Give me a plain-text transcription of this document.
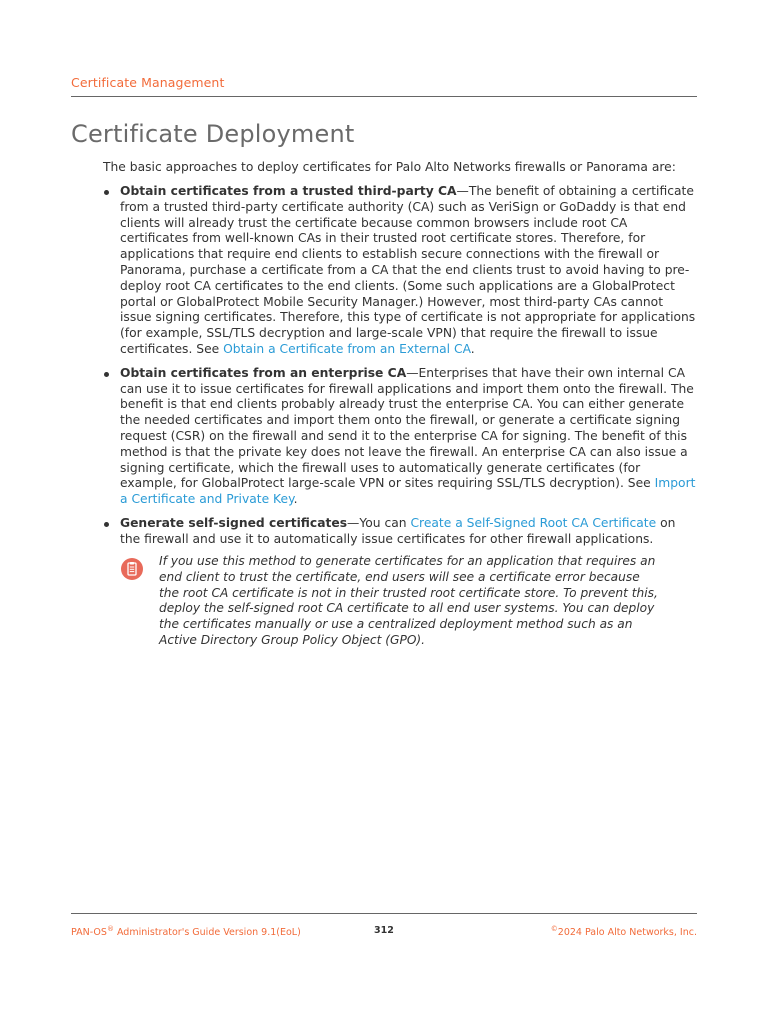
Certificate Management
Certificate Deployment

The basic approaches to deploy certificates for Palo Alto Networks firewalls or Panorama are:

Obtain certificates from a trusted third-party CA—The benefit of obtaining a certificate from a trusted third-party certificate authority (CA) such as VeriSign or GoDaddy is that end clients will already trust the certificate because common browsers include root CA certificates from well-known CAs in their trusted root certificate stores. Therefore, for applications that require end clients to establish secure connections with the firewall or Panorama, purchase a certificate from a CA that the end clients trust to avoid having to pre-deploy root CA certificates to the end clients. (Some such applications are a GlobalProtect portal or GlobalProtect Mobile Security Manager.) However, most third-party CAs cannot issue signing certificates. Therefore, this type of certificate is not appropriate for applications (for example, SSL/TLS decryption and large-scale VPN) that require the firewall to issue certificates. See Obtain a Certificate from an External CA.
Obtain certificates from an enterprise CA—Enterprises that have their own internal CA can use it to issue certificates for firewall applications and import them onto the firewall. The benefit is that end clients probably already trust the enterprise CA. You can either generate the needed certificates and import them onto the firewall, or generate a certificate signing request (CSR) on the firewall and send it to the enterprise CA for signing. The benefit of this method is that the private key does not leave the firewall. An enterprise CA can also issue a signing certificate, which the firewall uses to automatically generate certificates (for example, for GlobalProtect large-scale VPN or sites requiring SSL/TLS decryption). See Import a Certificate and Private Key.
Generate self-signed certificates—You can Create a Self-Signed Root CA Certificate on the firewall and use it to automatically issue certificates for other firewall applications.

If you use this method to generate certificates for an application that requires an end client to trust the certificate, end users will see a certificate error because the root CA certificate is not in their trusted root certificate store. To prevent this, deploy the self-signed root CA certificate to all end user systems. You can deploy the certificates manually or use a centralized deployment method such as an Active Directory Group Policy Object (GPO).

PAN-OS® Administrator's Guide Version 9.1(EoL)	312	©2024 Palo Alto Networks, Inc.
